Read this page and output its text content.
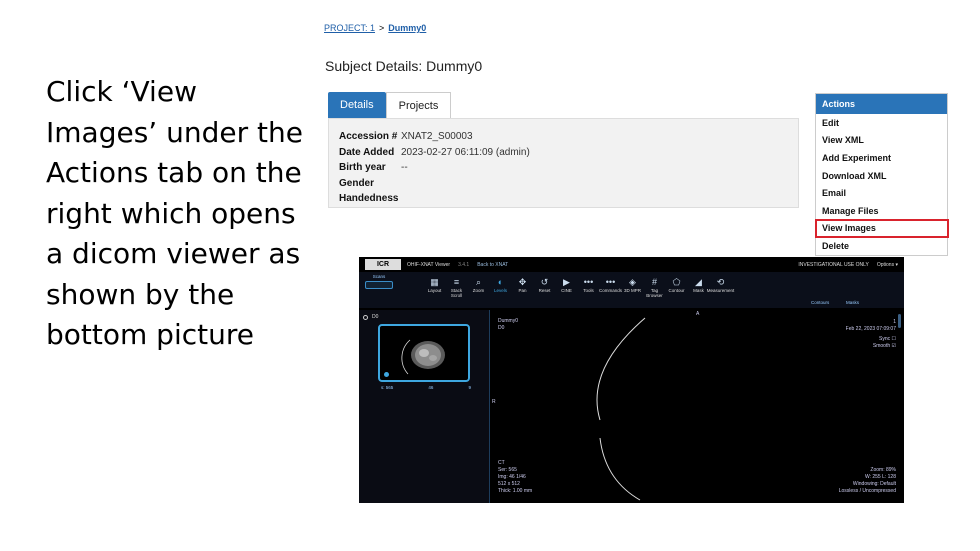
Click ‘View Images’ under the Actions tab on the right which opens a dicom viewer as shown by the bottom picture
PROJECT: 1 > Dummy0
Subject Details: Dummy0
Details	Projects
Accession # XNAT2_S00003
Date Added 2023-02-27 06:11:09 (admin)
Birth year	--
Gender
Handedness
Actions
Edit
View XML
Add Experiment
Download XML
Email
Manage Files
View Images
Delete
ICR	OHIF-XNAT Viewer 3.4.1 Back to XNAT	INVESTIGATIONAL USE ONLY Options ▾
Scans
▦
Layout
≡
Stack Scroll
⌕
Zoom
◐
Levels
✥
Pan
↺
Reset
▶
CINE
•••
Tools
•••
Commands
◈
3D MPR
#
Tag Browser
⬠
Contour
◢
Mask
⟲
Measurement
Contours	Masks
D0
s: 565	46	9
Dummy0
D0
A
R
1
Feb 22, 2023 07:09:07
Sync ☐
Smooth ☑
CT
Ser: 565
Img: 46 1/46
512 x 512
Thick: 1.00 mm
Zoom: 89%
W: 255 L: 128
Windowing: Default
Lossless / Uncompressed
